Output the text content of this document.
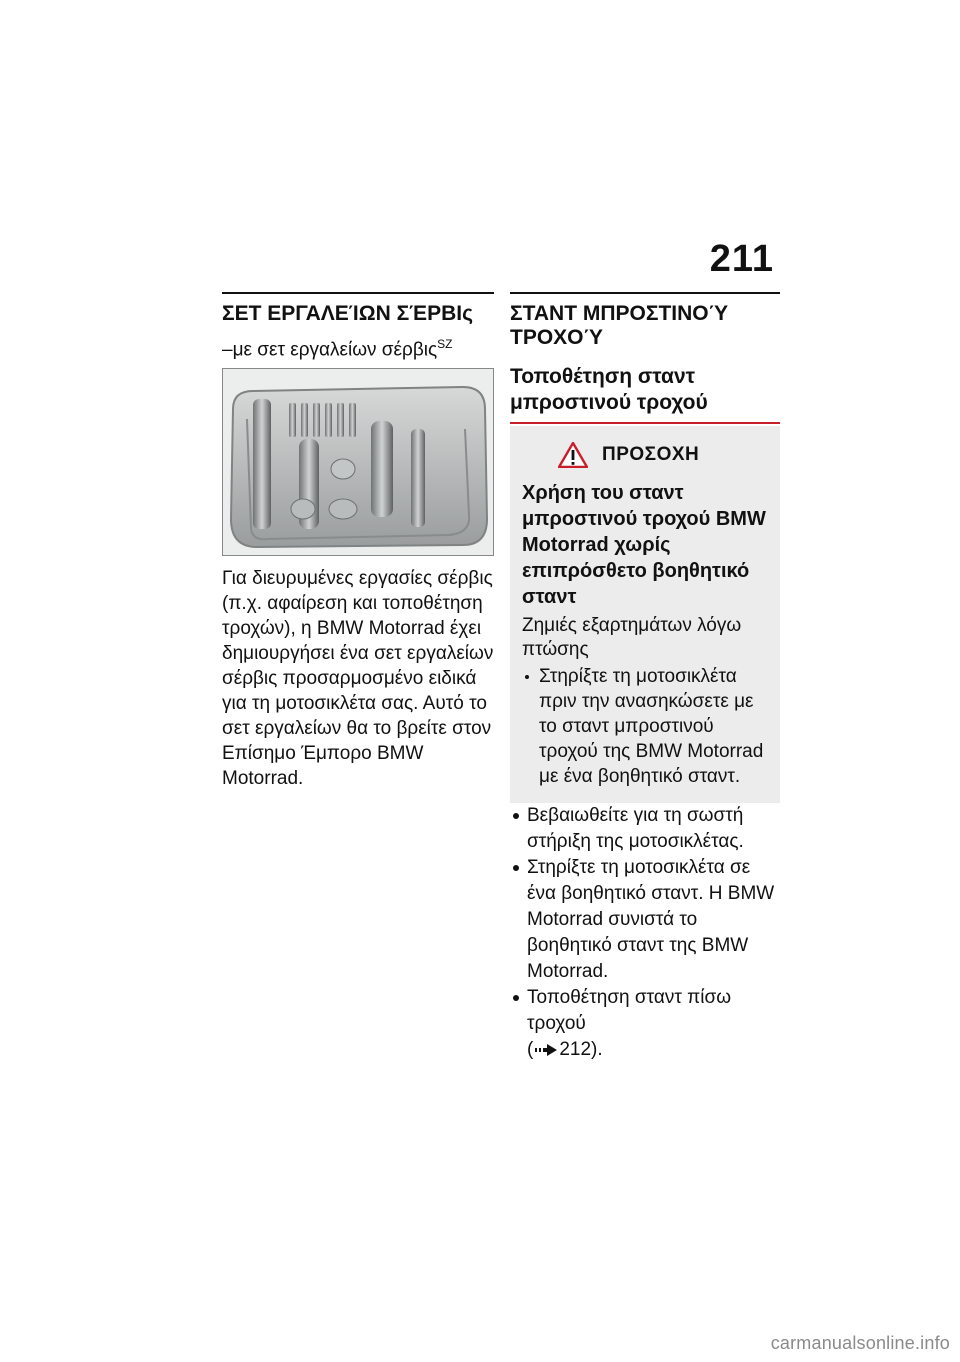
211
ΣΕΤ ΕΡΓΑΛΕΊΩΝ ΣΈΡΒΙς
–με σετ εργαλείων σέρβις$^{SZ}$

Για διευρυμένες εργασίες σέρβις (π.χ. αφαίρεση και τοποθέτηση τροχών), η BMW Motorrad έχει δημιουργήσει ένα σετ εργαλείων σέρβις προσαρμοσμένο ειδικά για τη μοτοσικλέτα σας. Αυτό το σετ εργαλείων θα το βρείτε στον Επίσημο Έμπορο BMW Motorrad.

ΣΤΑΝΤ ΜΠΡΟΣΤΙΝΟΎ ΤΡΟΧΟΎ
Τοποθέτηση σταντ μπροστινού τροχού
ΠΡΟΣΟΧΗ

Χρήση του σταντ μπροστινού τροχού BMW Motorrad χωρίς επιπρόσθετο βοηθητικό σταντ

Ζημιές εξαρτημάτων λόγω πτώσης

Στηρίξτε τη μοτοσικλέτα πριν την ανασηκώσετε με το σταντ μπροστινού τροχού της BMW Motorrad με ένα βοηθητικό σταντ.
Βεβαιωθείτε για τη σωστή στήριξη της μοτοσικλέτας.
Στηρίξτε τη μοτοσικλέτα σε ένα βοηθητικό σταντ. Η BMW Motorrad συνιστά το βοηθητικό σταντ της BMW Motorrad.
Τοποθέτηση σταντ πίσω τροχού
( 212).
carmanualsonline.info
